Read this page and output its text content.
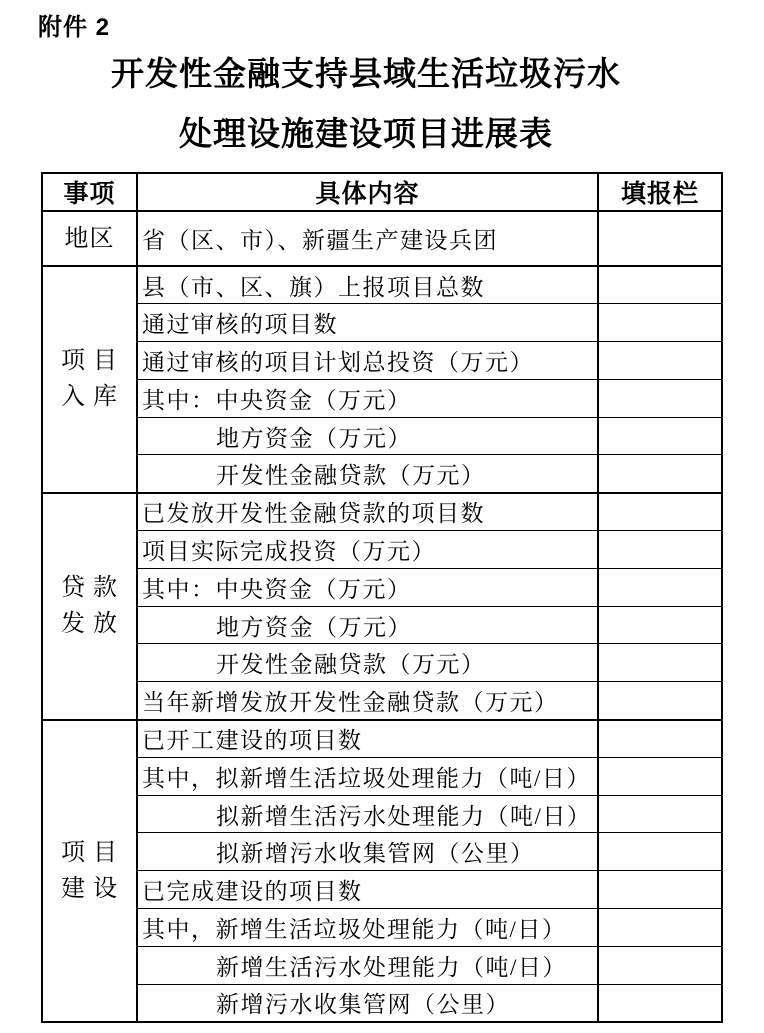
附件 2
开发性金融支持县域生活垃圾污水
处理设施建设项目进展表
事项	具体内容	填报栏

地区	省（区、市）、新疆生产建设兵团	

项 目
入 库	县（市、区、旗）上报项目总数	
	通过审核的项目数	
	通过审核的项目计划总投资（万元）	
	其中：中央资金（万元）	
	地方资金（万元）	
	开发性金融贷款（万元）	

贷 款
发 放	已发放开发性金融贷款的项目数	
	项目实际完成投资（万元）	
	其中：中央资金（万元）	
	地方资金（万元）	
	开发性金融贷款（万元）	
	当年新增发放开发性金融贷款（万元）	

项 目
建 设	已开工建设的项目数	
	其中，拟新增生活垃圾处理能力（吨/日）	
	拟新增生活污水处理能力（吨/日）	
	拟新增污水收集管网（公里）	
	已完成建设的项目数	
	其中，新增生活垃圾处理能力（吨/日）	
	新增生活污水处理能力（吨/日）	
	新增污水收集管网（公里）	
